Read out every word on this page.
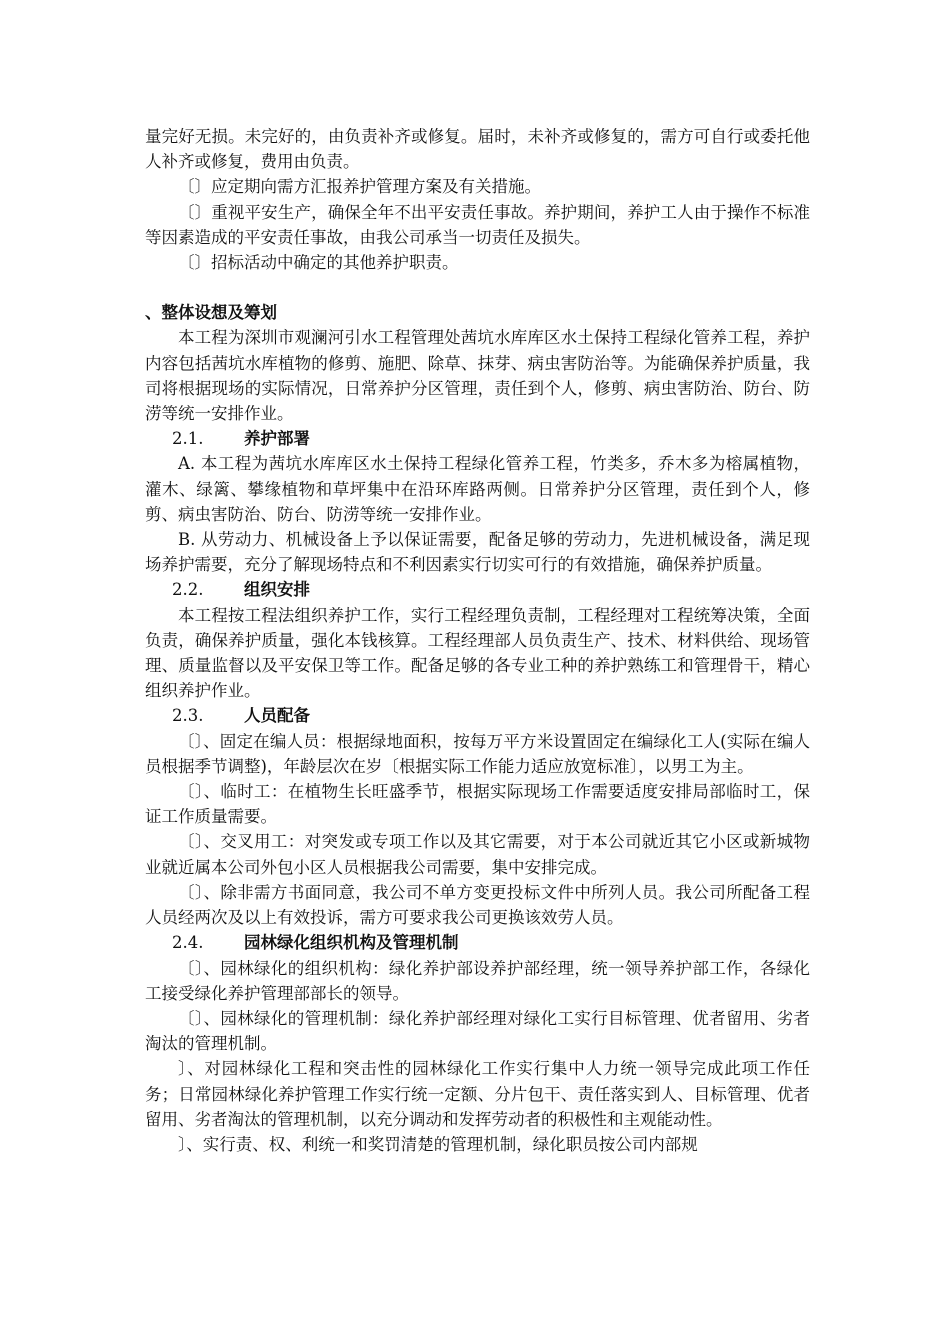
量完好无损。未完好的，由负责补齐或修复。届时，未补齐或修复的，需方可自行或委托他人补齐或修复，费用由负责。

〔〕应定期向需方汇报养护管理方案及有关措施。

〔〕重视平安生产，确保全年不出平安责任事故。养护期间，养护工人由于操作不标准等因素造成的平安责任事故，由我公司承当一切责任及损失。

〔〕招标活动中确定的其他养护职责。

、整体设想及筹划

本工程为深圳市观澜河引水工程管理处茜坑水库库区水土保持工程绿化管养工程，养护内容包括茜坑水库植物的修剪、施肥、除草、抹芽、病虫害防治等。为能确保养护质量，我司将根据现场的实际情况，日常养护分区管理，责任到个人，修剪、病虫害防治、防台、防涝等统一安排作业。

2.1. 养护部署

A. 本工程为茜坑水库库区水土保持工程绿化管养工程，竹类多，乔木多为榕属植物，灌木、绿篱、攀缘植物和草坪集中在沿环库路两侧。日常养护分区管理，责任到个人，修剪、病虫害防治、防台、防涝等统一安排作业。

B. 从劳动力、机械设备上予以保证需要，配备足够的劳动力，先进机械设备，满足现场养护需要，充分了解现场特点和不利因素实行切实可行的有效措施，确保养护质量。

2.2. 组织安排

本工程按工程法组织养护工作，实行工程经理负责制，工程经理对工程统筹决策，全面负责，确保养护质量，强化本钱核算。工程经理部人员负责生产、技术、材料供给、现场管理、质量监督以及平安保卫等工作。配备足够的各专业工种的养护熟练工和管理骨干，精心组织养护作业。

2.3. 人员配备

〔〕、固定在编人员：根据绿地面积，按每万平方米设置固定在编绿化工人(实际在编人员根据季节调整)，年龄层次在岁〔根据实际工作能力适应放宽标准〕，以男工为主。

〔〕、临时工：在植物生长旺盛季节，根据实际现场工作需要适度安排局部临时工，保证工作质量需要。

〔〕、交叉用工：对突发或专项工作以及其它需要，对于本公司就近其它小区或新城物业就近属本公司外包小区人员根据我公司需要，集中安排完成。

〔〕、除非需方书面同意，我公司不单方变更投标文件中所列人员。我公司所配备工程人员经两次及以上有效投诉，需方可要求我公司更换该效劳人员。

2.4. 园林绿化组织机构及管理机制

〔〕、园林绿化的组织机构：绿化养护部设养护部经理，统一领导养护部工作，各绿化工接受绿化养护管理部部长的领导。

〔〕、园林绿化的管理机制：绿化养护部经理对绿化工实行目标管理、优者留用、劣者淘汰的管理机制。

〕、对园林绿化工程和突击性的园林绿化工作实行集中人力统一领导完成此项工作任务；日常园林绿化养护管理工作实行统一定额、分片包干、责任落实到人、目标管理、优者留用、劣者淘汰的管理机制，以充分调动和发挥劳动者的积极性和主观能动性。

〕、实行责、权、利统一和奖罚清楚的管理机制，绿化职员按公司内部规
